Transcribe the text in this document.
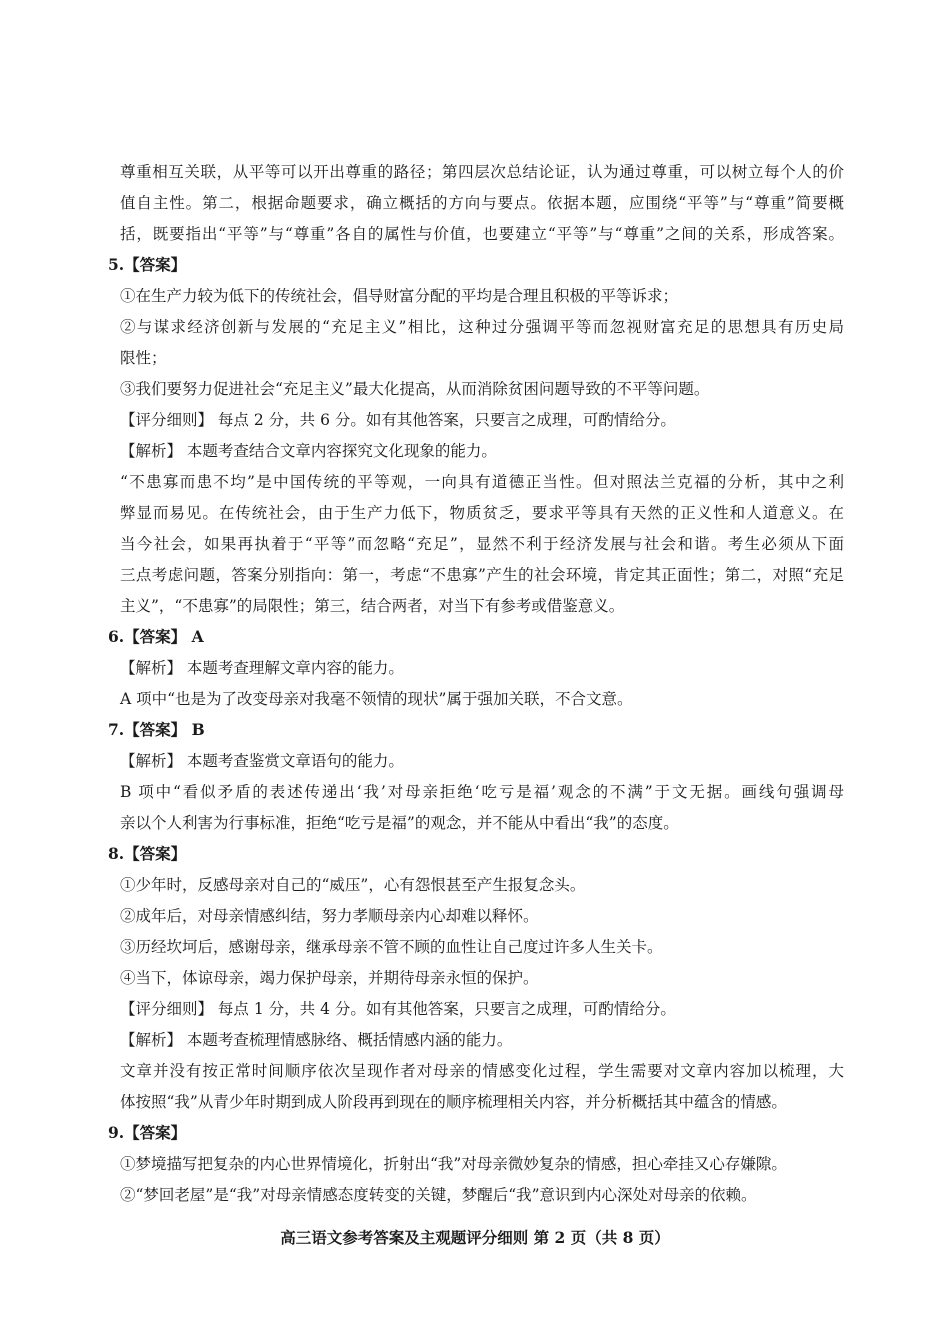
尊重相互关联，从平等可以开出尊重的路径；第四层次总结论证，认为通过尊重，可以树立每个人的价
值自主性。第二，根据命题要求，确立概括的方向与要点。依据本题，应围绕“平等”与“尊重”简要概
括，既要指出“平等”与“尊重”各自的属性与价值，也要建立“平等”与“尊重”之间的关系，形成答案。
5.【答案】
①在生产力较为低下的传统社会，倡导财富分配的平均是合理且积极的平等诉求；
②与谋求经济创新与发展的“充足主义”相比，这种过分强调平等而忽视财富充足的思想具有历史局
限性；
③我们要努力促进社会“充足主义”最大化提高，从而消除贫困问题导致的不平等问题。
【评分细则】 每点 2 分，共 6 分。如有其他答案，只要言之成理，可酌情给分。
【解析】 本题考查结合文章内容探究文化现象的能力。
“不患寡而患不均”是中国传统的平等观，一向具有道德正当性。但对照法兰克福的分析，其中之利
弊显而易见。在传统社会，由于生产力低下，物质贫乏，要求平等具有天然的正义性和人道意义。在
当今社会，如果再执着于“平等”而忽略“充足”，显然不利于经济发展与社会和谐。考生必须从下面
三点考虑问题，答案分别指向：第一，考虑“不患寡”产生的社会环境，肯定其正面性；第二，对照“充足
主义”，“不患寡”的局限性；第三，结合两者，对当下有参考或借鉴意义。
6.【答案】 A
【解析】 本题考查理解文章内容的能力。
A 项中“也是为了改变母亲对我毫不领情的现状”属于强加关联，不合文意。
7.【答案】 B
【解析】 本题考查鉴赏文章语句的能力。
B 项中“看似矛盾的表述传递出‘我’对母亲拒绝‘吃亏是福’观念的不满”于文无据。画线句强调母
亲以个人利害为行事标准，拒绝“吃亏是福”的观念，并不能从中看出“我”的态度。
8.【答案】
①少年时，反感母亲对自己的“威压”，心有怨恨甚至产生报复念头。
②成年后，对母亲情感纠结，努力孝顺母亲内心却难以释怀。
③历经坎坷后，感谢母亲，继承母亲不管不顾的血性让自己度过许多人生关卡。
④当下，体谅母亲，竭力保护母亲，并期待母亲永恒的保护。
【评分细则】 每点 1 分，共 4 分。如有其他答案，只要言之成理，可酌情给分。
【解析】 本题考查梳理情感脉络、概括情感内涵的能力。
文章并没有按正常时间顺序依次呈现作者对母亲的情感变化过程，学生需要对文章内容加以梳理，大
体按照“我”从青少年时期到成人阶段再到现在的顺序梳理相关内容，并分析概括其中蕴含的情感。
9.【答案】
①梦境描写把复杂的内心世界情境化，折射出“我”对母亲微妙复杂的情感，担心牵挂又心存嫌隙。
②“梦回老屋”是“我”对母亲情感态度转变的关键，梦醒后“我”意识到内心深处对母亲的依赖。
高三语文参考答案及主观题评分细则 第 2 页（共 8 页）
